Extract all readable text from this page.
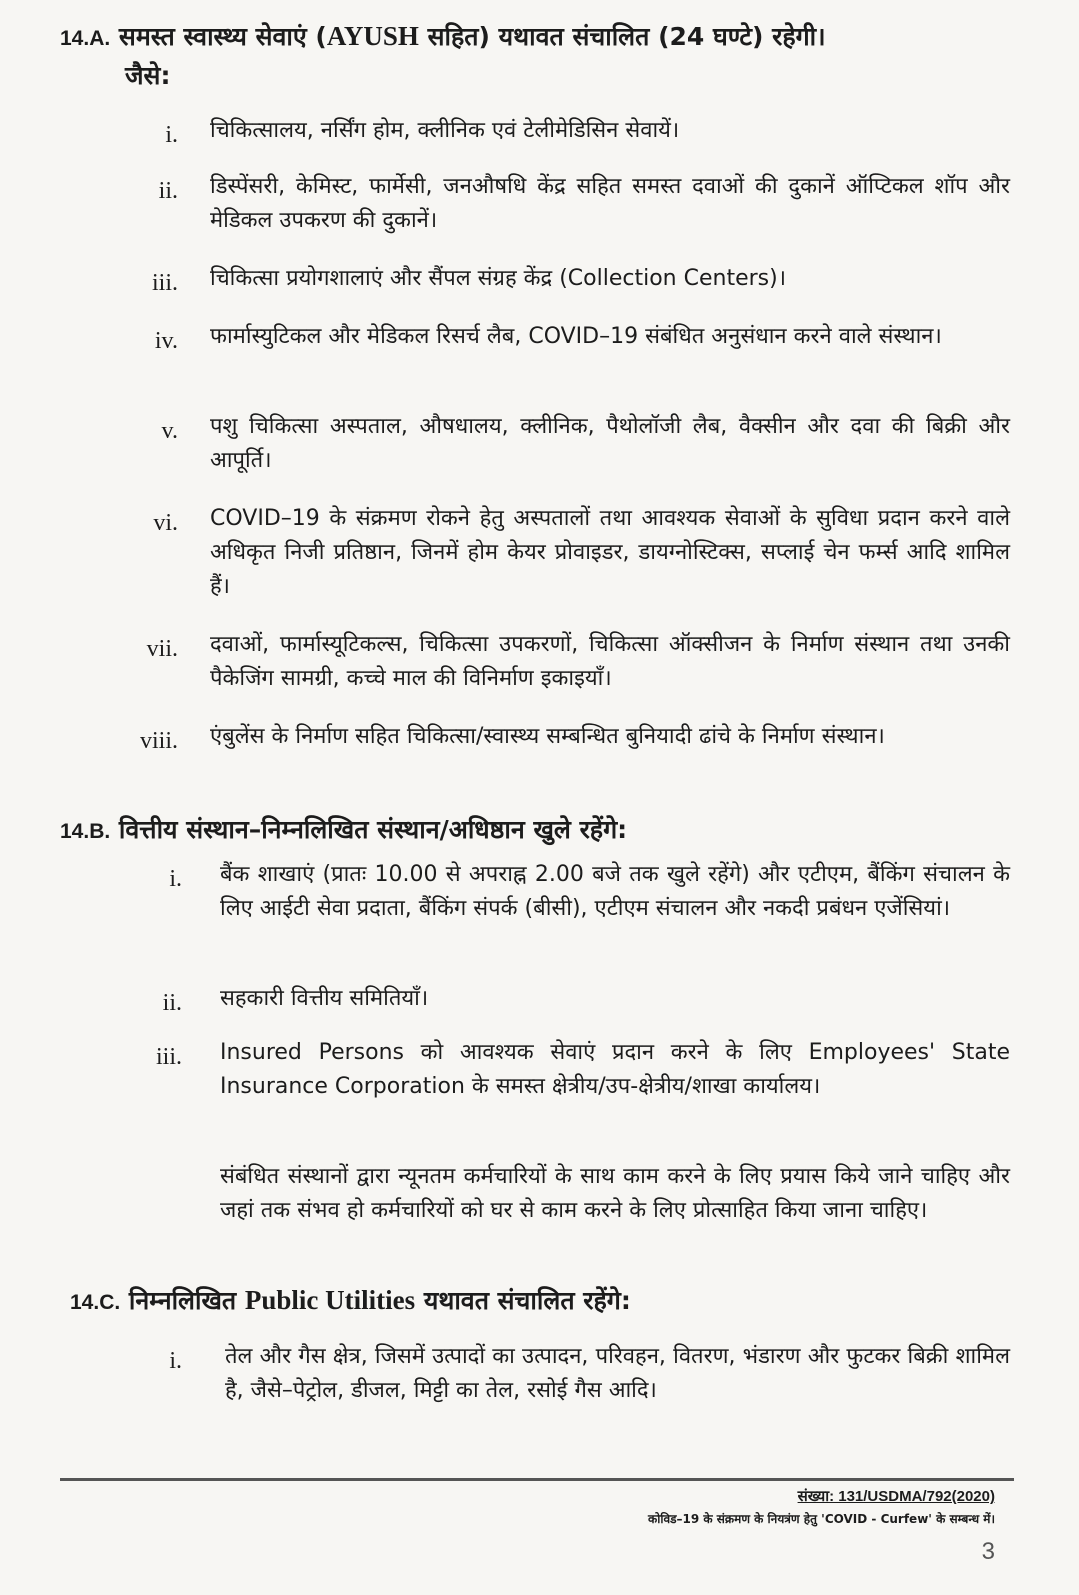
14.A. समस्त स्वास्थ्य सेवाएं (AYUSH सहित) यथावत संचालित (24 घण्टे) रहेगी।
जैसे:
i. चिकित्सालय, नर्सिंग होम, क्लीनिक एवं टेलीमेडिसिन सेवायें।
ii. डिस्पेंसरी, केमिस्ट, फार्मेसी, जनऔषधि केंद्र सहित समस्त दवाओं की दुकानें ऑप्टिकल शॉप और मेडिकल उपकरण की दुकानें।
iii. चिकित्सा प्रयोगशालाएं और सैंपल संग्रह केंद्र (Collection Centers)।
iv. फार्मास्युटिकल और मेडिकल रिसर्च लैब, COVID–19 संबंधित अनुसंधान करने वाले संस्थान।
v. पशु चिकित्सा अस्पताल, औषधालय, क्लीनिक, पैथोलॉजी लैब, वैक्सीन और दवा की बिक्री और आपूर्ति।
vi. COVID–19 के संक्रमण रोकने हेतु अस्पतालों तथा आवश्यक सेवाओं के सुविधा प्रदान करने वाले अधिकृत निजी प्रतिष्ठान, जिनमें होम केयर प्रोवाइडर, डायग्नोस्टिक्स, सप्लाई चेन फर्म्स आदि शामिल हैं।
vii. दवाओं, फार्मास्यूटिकल्स, चिकित्सा उपकरणों, चिकित्सा ऑक्सीजन के निर्माण संस्थान तथा उनकी पैकेजिंग सामग्री, कच्चे माल की विनिर्माण इकाइयाँ।
viii. एंबुलेंस के निर्माण सहित चिकित्सा/स्वास्थ्य सम्बन्धित बुनियादी ढांचे के निर्माण संस्थान।
14.B. वित्तीय संस्थान–निम्नलिखित संस्थान/अधिष्ठान खुले रहेंगे:
i. बैंक शाखाएं (प्रातः 10.00 से अपराह्न 2.00 बजे तक खुले रहेंगे) और एटीएम, बैंकिंग संचालन के लिए आईटी सेवा प्रदाता, बैंकिंग संपर्क (बीसी), एटीएम संचालन और नकदी प्रबंधन एजेंसियां।
ii. सहकारी वित्तीय समितियाँ।
iii. Insured Persons को आवश्यक सेवाएं प्रदान करने के लिए Employees' State Insurance Corporation के समस्त क्षेत्रीय/उप-क्षेत्रीय/शाखा कार्यालय।
संबंधित संस्थानों द्वारा न्यूनतम कर्मचारियों के साथ काम करने के लिए प्रयास किये जाने चाहिए और जहां तक संभव हो कर्मचारियों को घर से काम करने के लिए प्रोत्साहित किया जाना चाहिए।
14.C. निम्नलिखित Public Utilities यथावत संचालित रहेंगे:
i. तेल और गैस क्षेत्र, जिसमें उत्पादों का उत्पादन, परिवहन, वितरण, भंडारण और फुटकर बिक्री शामिल है, जैसे–पेट्रोल, डीजल, मिट्टी का तेल, रसोई गैस आदि।
संख्या: 131/USDMA/792(2020)
कोविड–19 के संक्रमण के नियत्रंण हेतु 'COVID - Curfew' के सम्बन्ध में।
3
